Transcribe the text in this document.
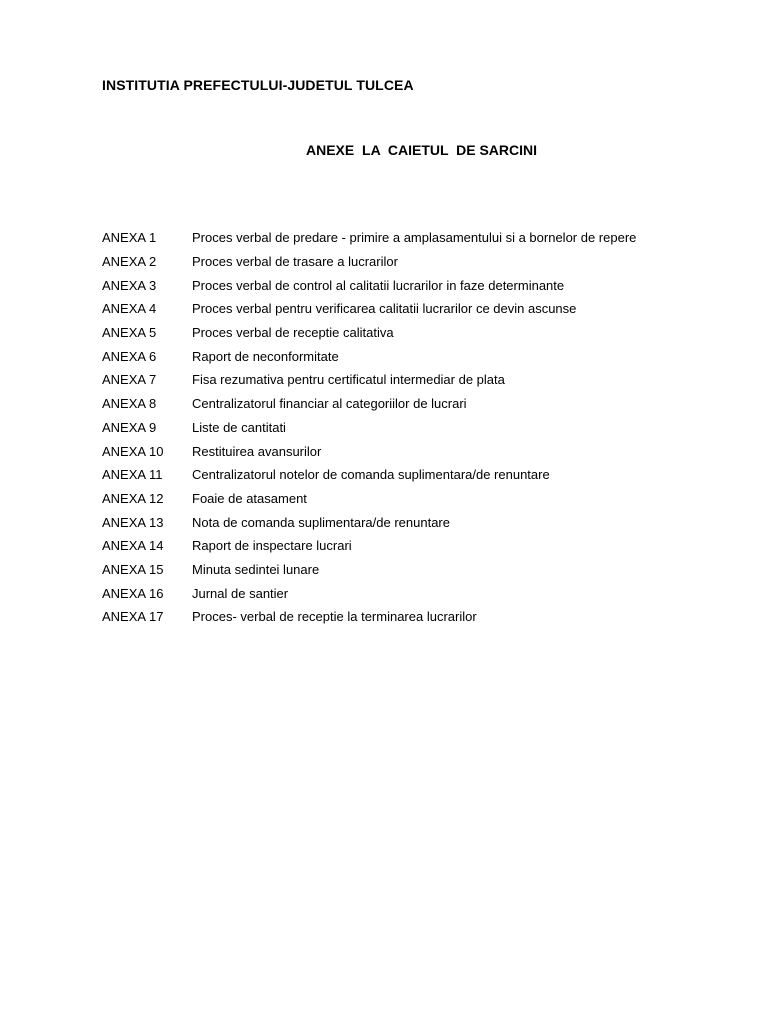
INSTITUTIA PREFECTULUI-JUDETUL TULCEA
ANEXE  LA  CAIETUL  DE SARCINI
ANEXA 1	Proces verbal de predare - primire a amplasamentului si a bornelor de repere
ANEXA 2	Proces verbal de trasare a lucrarilor
ANEXA 3	Proces verbal de control al calitatii lucrarilor in faze determinante
ANEXA 4	Proces verbal pentru verificarea calitatii lucrarilor ce devin ascunse
ANEXA 5	Proces verbal de receptie calitativa
ANEXA 6	Raport de neconformitate
ANEXA 7	Fisa rezumativa pentru certificatul intermediar de plata
ANEXA 8	Centralizatorul financiar al categoriilor de lucrari
ANEXA 9	Liste de cantitati
ANEXA 10	Restituirea avansurilor
ANEXA 11	Centralizatorul notelor de comanda suplimentara/de renuntare
ANEXA 12	Foaie de atasament
ANEXA 13	Nota de comanda suplimentara/de renuntare
ANEXA 14	Raport de inspectare lucrari
ANEXA 15	Minuta sedintei lunare
ANEXA 16	Jurnal de santier
ANEXA 17	Proces- verbal de receptie la terminarea lucrarilor
